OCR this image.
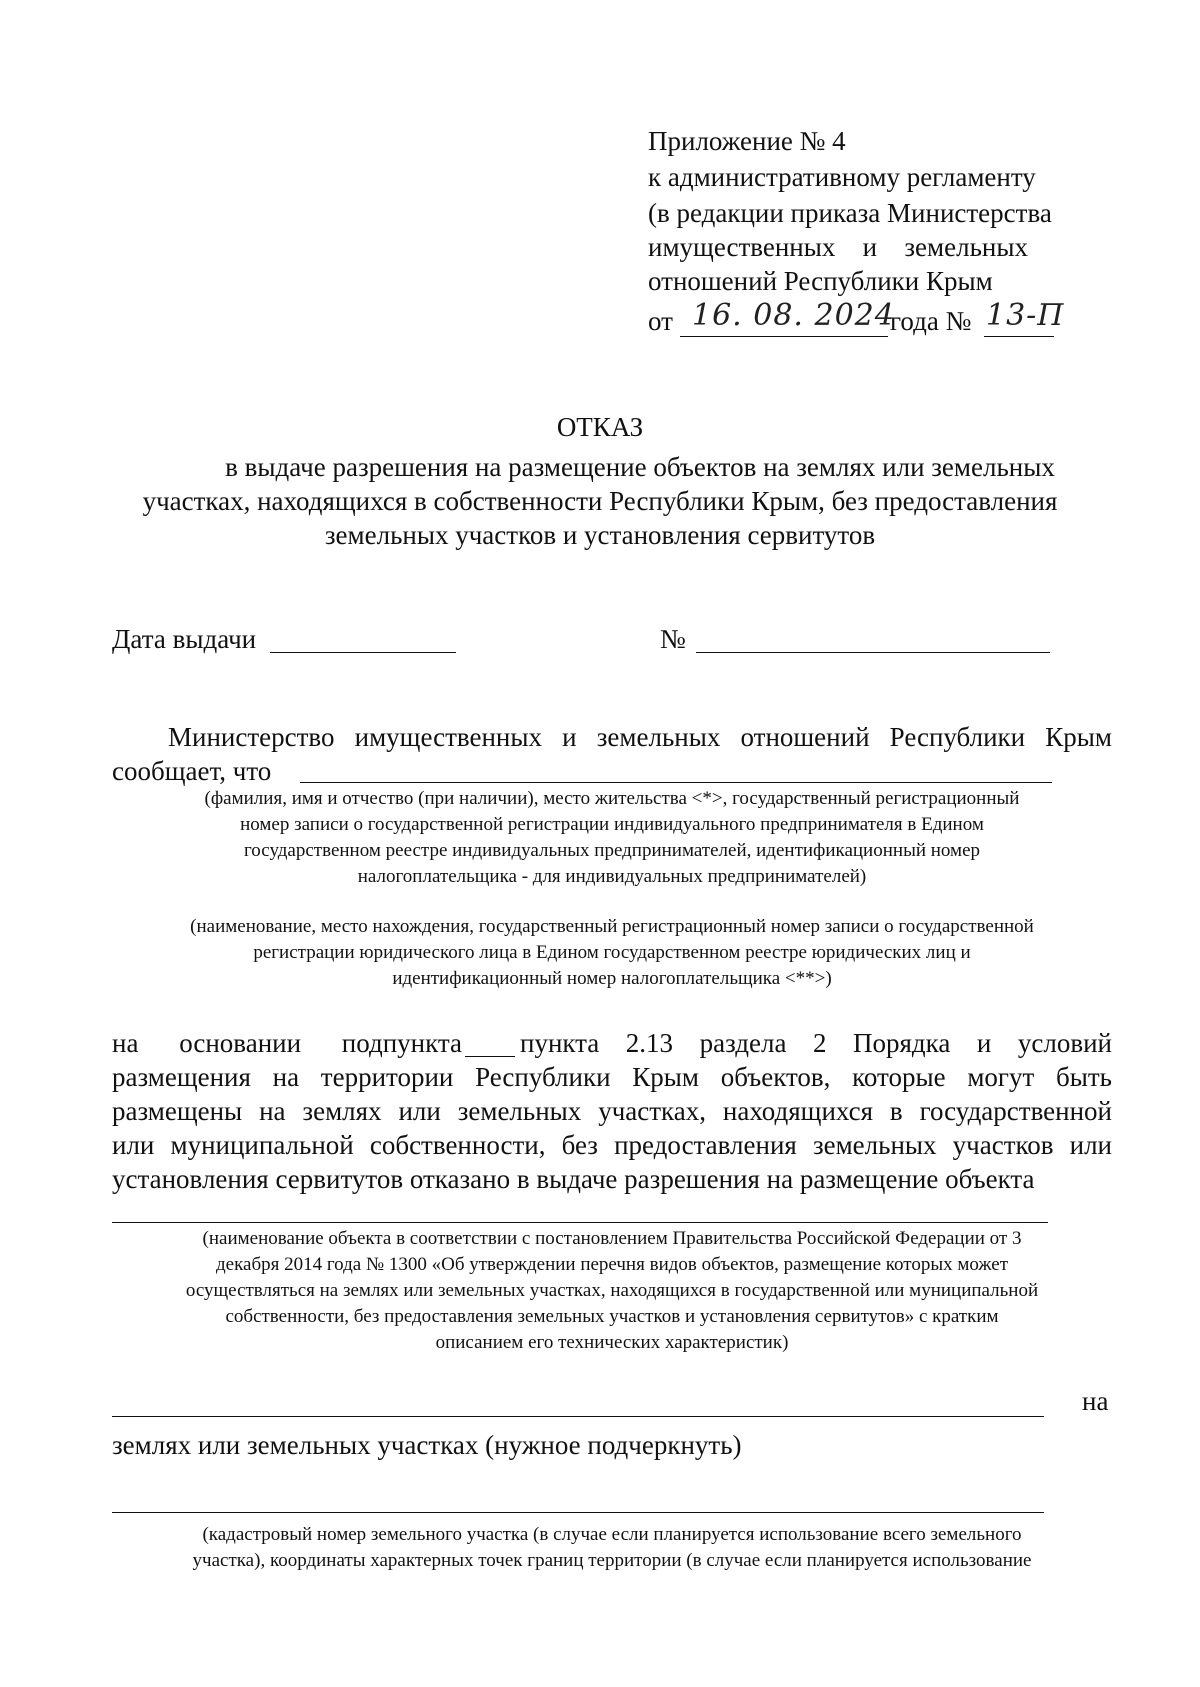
Приложение № 4
к административному регламенту
(в редакции приказа Министерства
имущественных и земельных
отношений Республики Крым
от 16. 08. 2024
года № 13-П
ОТКАЗ
в выдаче разрешения на размещение объектов на землях или земельных
участках, находящихся в собственности Республики Крым, без предоставления
земельных участков и установления сервитутов
Дата выдачи	№
Министерство имущественных и земельных отношений Республики Крым
сообщает, что
(фамилия, имя и отчество (при наличии), место жительства <*>, государственный регистрационный
номер записи о государственной регистрации индивидуального предпринимателя в Едином
государственном реестре индивидуальных предпринимателей, идентификационный номер
налогоплательщика - для индивидуальных предпринимателей)
(наименование, место нахождения, государственный регистрационный номер записи о государственной
регистрации юридического лица в Едином государственном реестре юридических лиц и
идентификационный номер налогоплательщика <**>)
на основании подпункта пункта 2.13 раздела 2 Порядка и условий
размещения на территории Республики Крым объектов, которые могут быть
размещены на землях или земельных участках, находящихся в государственной
или муниципальной собственности, без предоставления земельных участков или
установления сервитутов отказано в выдаче разрешения на размещение объекта
(наименование объекта в соответствии с постановлением Правительства Российской Федерации от 3
декабря 2014 года № 1300 «Об утверждении перечня видов объектов, размещение которых может
осуществляться на землях или земельных участках, находящихся в государственной или муниципальной
собственности, без предоставления земельных участков и установления сервитутов» с кратким
описанием его технических характеристик)
на
землях или земельных участках (нужное подчеркнуть)
(кадастровый номер земельного участка (в случае если планируется использование всего земельного
участка), координаты характерных точек границ территории (в случае если планируется использование
